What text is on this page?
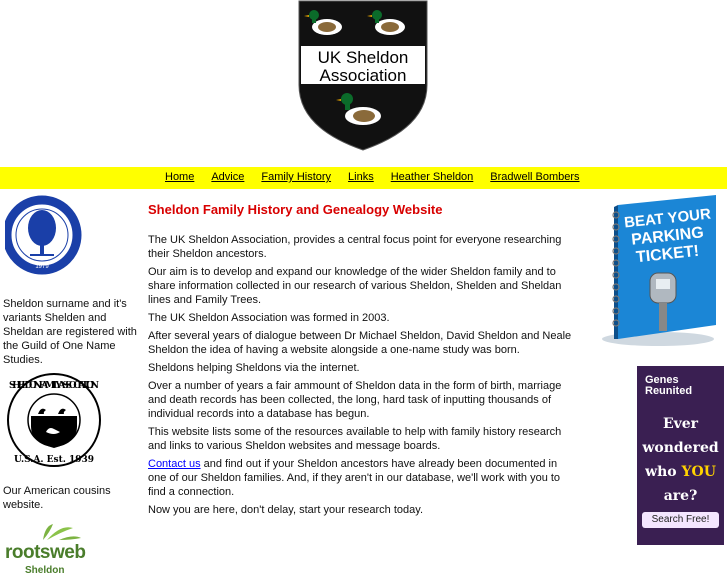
UK Sheldon
Association
Home Advice Family History Links Heather Sheldon Bradwell Bombers
1979
GUILD OF ONE-NAME STUDIES

Sheldon surname and it's variants Shelden and Sheldan are registered with the Guild of One Name Studies.

SHELDON FAMILY ASSOCIATION
U.S.A. Est. 1939

Our American cousins website.

rootsweb
Sheldon
Sheldon Family History and Genealogy Website

The UK Sheldon Association, provides a central focus point for everyone researching their Sheldon ancestors.

Our aim is to develop and expand our knowledge of the wider Sheldon family and to share information collected in our research of various Sheldon, Shelden and Sheldan lines and Family Trees.

The UK Sheldon Association was formed in 2003.

After several years of dialogue between Dr Michael Sheldon, David Sheldon and Neale Sheldon the idea of having a website alongside a one-name study was born.

Sheldons helping Sheldons via the internet.

Over a number of years a fair ammount of Sheldon data in the form of birth, marriage and death records has been collected, the long, hard task of inputting thousands of individual records into a database has begun.

This website lists some of the resources available to help with family history research and links to various Sheldon websites and message boards.

Contact us and find out if your Sheldon ancestors have already been documented in one of our Sheldon families. And, if they aren't in our database, we'll work with you to find a connection.

Now you are here, don't delay, start your research today.

BEAT YOUR
PARKING
TICKET!
Genes
Reunited
Ever
wondered
who YOU
are?
Search Free!
